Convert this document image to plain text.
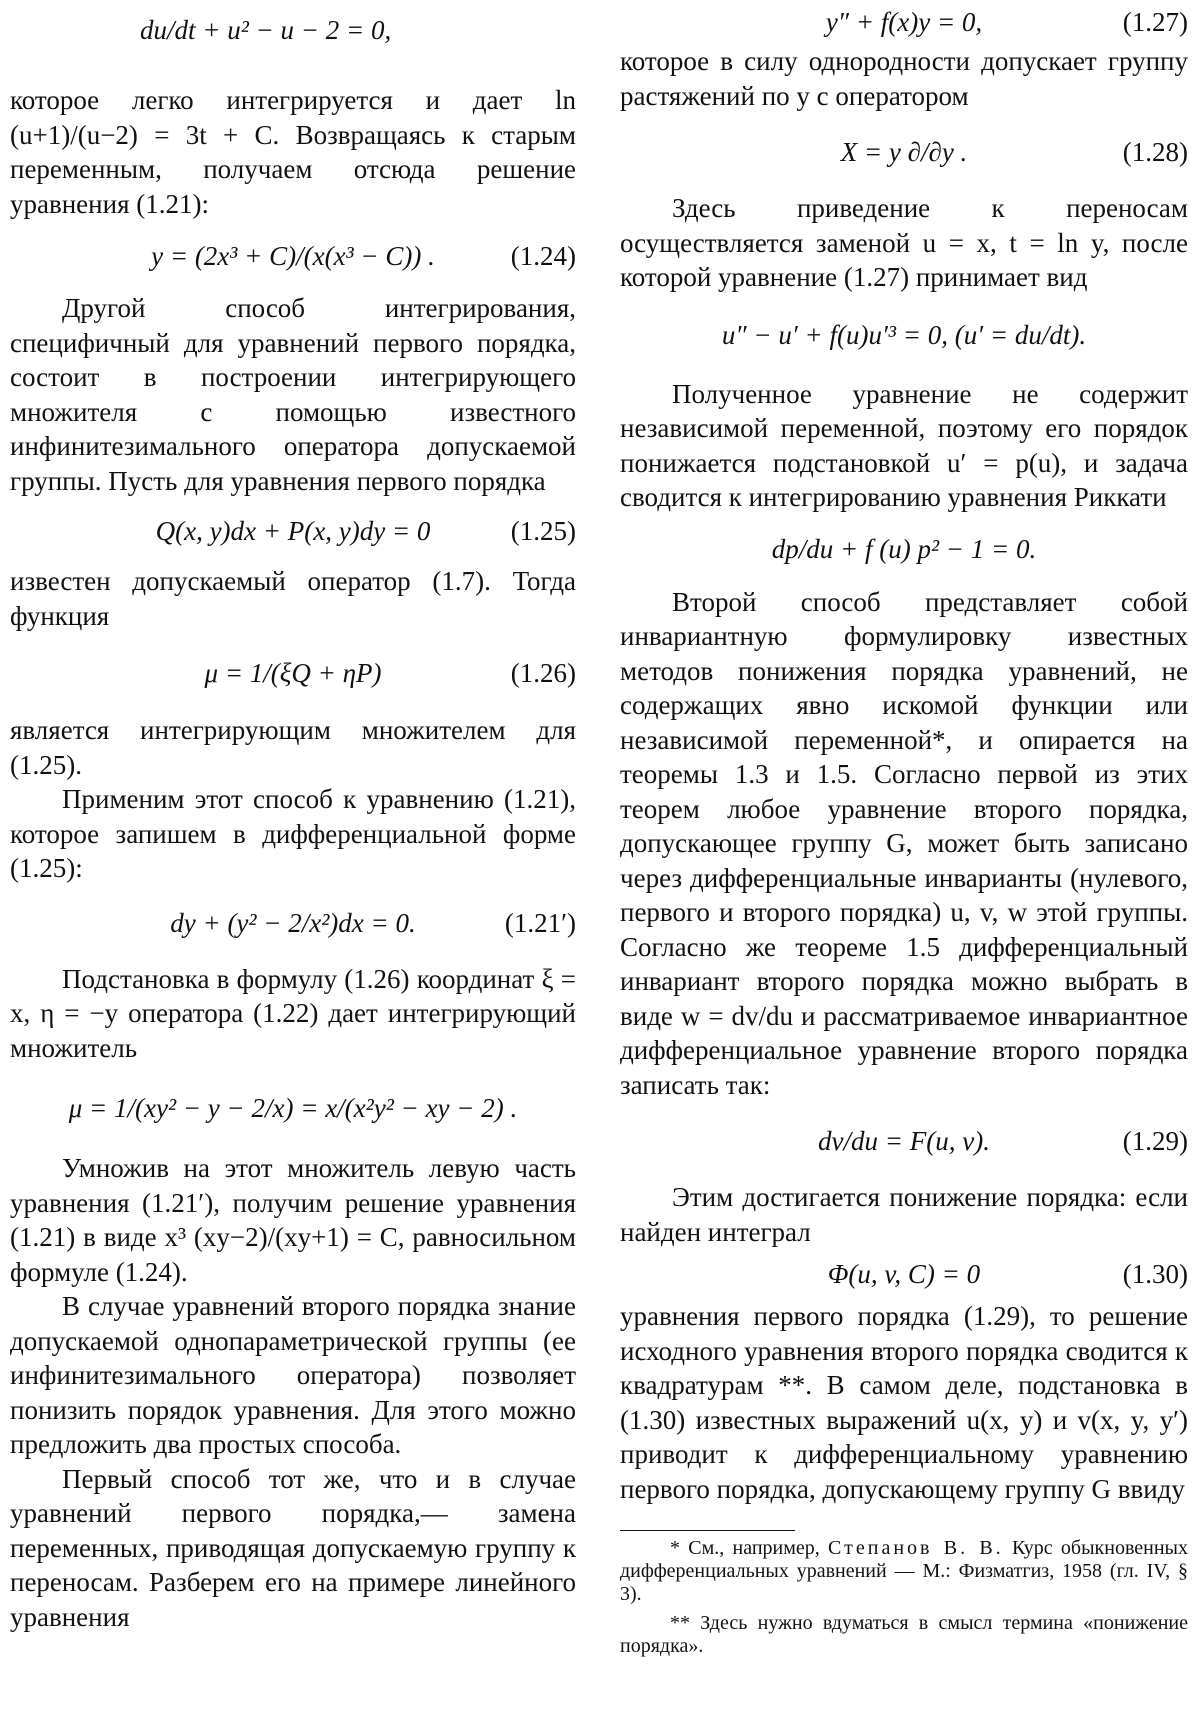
du/dt + u² − u − 2 = 0,

которое легко интегрируется и дает ln (u+1)/(u−2) = 3t + C. Возвращаясь к старым переменным, получаем отсюда решение уравнения (1.21):

y = (2x³ + C)/(x(x³ − C)) .	(1.24)

Другой способ интегрирования, специфичный для уравнений первого порядка, состоит в построении интегрирующего множителя с помощью известного инфинитезимального оператора допускаемой группы. Пусть для уравнения первого порядка

Q(x, y)dx + P(x, y)dy = 0	(1.25)

известен допускаемый оператор (1.7). Тогда функция

μ = 1/(ξQ + ηP)	(1.26)

является интегрирующим множителем для (1.25).

Применим этот способ к уравнению (1.21), которое запишем в дифференциальной форме (1.25):

dy + (y² − 2/x²)dx = 0.	(1.21′)

Подстановка в формулу (1.26) координат ξ = x, η = −y оператора (1.22) дает интегрирующий множитель

μ = 1/(xy² − y − 2/x) = x/(x²y² − xy − 2) .

Умножив на этот множитель левую часть уравнения (1.21′), получим решение уравнения (1.21) в виде x³ (xy−2)/(xy+1) = C, равносильном формуле (1.24).

В случае уравнений второго порядка знание допускаемой однопараметрической группы (ее инфинитезимального оператора) позволяет понизить порядок уравнения. Для этого можно предложить два простых способа.

Первый способ тот же, что и в случае уравнений первого порядка,— замена переменных, приводящая допускаемую группу к переносам. Разберем его на примере линейного уравнения

y″ + f(x)y = 0,	(1.27)

которое в силу однородности допускает группу растяжений по y с оператором

X = y ∂/∂y .	(1.28)

Здесь приведение к переносам осуществляется заменой u = x, t = ln y, после которой уравнение (1.27) принимает вид

u″ − u′ + f(u)u′³ = 0, (u′ = du/dt).

Полученное уравнение не содержит независимой переменной, поэтому его порядок понижается подстановкой u′ = p(u), и задача сводится к интегрированию уравнения Риккати

dp/du + f (u) p² − 1 = 0.

Второй способ представляет собой инвариантную формулировку известных методов понижения порядка уравнений, не содержащих явно искомой функции или независимой переменной*, и опирается на теоремы 1.3 и 1.5. Согласно первой из этих теорем любое уравнение второго порядка, допускающее группу G, может быть записано через дифференциальные инварианты (нулевого, первого и второго порядка) u, v, w этой группы. Согласно же теореме 1.5 дифференциальный инвариант второго порядка можно выбрать в виде w = dv/du и рассматриваемое инвариантное дифференциальное уравнение второго порядка записать так:

dv/du = F(u, v).	(1.29)

Этим достигается понижение порядка: если найден интеграл

Φ(u, v, C) = 0	(1.30)

уравнения первого порядка (1.29), то решение исходного уравнения второго порядка сводится к квадратурам **. В самом деле, подстановка в (1.30) известных выражений u(x, y) и v(x, y, y′) приводит к дифференциальному уравнению первого порядка, допускающему группу G ввиду

* См., например, Степанов В. В. Курс обыкновенных дифференциальных уравнений — М.: Физматгиз, 1958 (гл. IV, § 3).

** Здесь нужно вдуматься в смысл термина «понижение порядка».
